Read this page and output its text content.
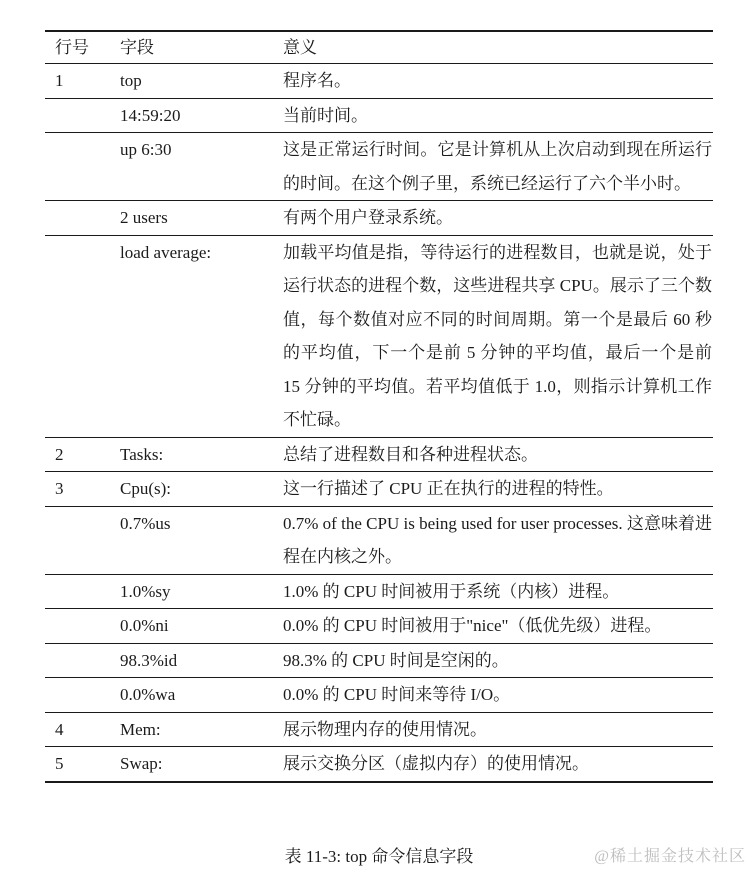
行号	字段	意义
1	top	程序名。
	14:59:20	当前时间。
	up 6:30	这是正常运行时间。它是计算机从上次启动到现在所运行的时间。在这个例子里，系统已经运行了六个半小时。
	2 users	有两个用户登录系统。
	load average:	加载平均值是指，等待运行的进程数目，也就是说，处于运行状态的进程个数，这些进程共享 CPU。展示了三个数值，每个数值对应不同的时间周期。第一个是最后 60 秒的平均值，下一个是前 5 分钟的平均值，最后一个是前 15 分钟的平均值。若平均值低于 1.0，则指示计算机工作不忙碌。
2	Tasks:	总结了进程数目和各种进程状态。
3	Cpu(s):	这一行描述了 CPU 正在执行的进程的特性。
	0.7%us	0.7% of the CPU is being used for user processes. 这意味着进程在内核之外。
	1.0%sy	1.0% 的 CPU 时间被用于系统（内核）进程。
	0.0%ni	0.0% 的 CPU 时间被用于"nice"（低优先级）进程。
	98.3%id	98.3% 的 CPU 时间是空闲的。
	0.0%wa	0.0% 的 CPU 时间来等待 I/O。
4	Mem:	展示物理内存的使用情况。
5	Swap:	展示交换分区（虚拟内存）的使用情况。
表 11-3: top 命令信息字段	@稀土掘金技术社区
